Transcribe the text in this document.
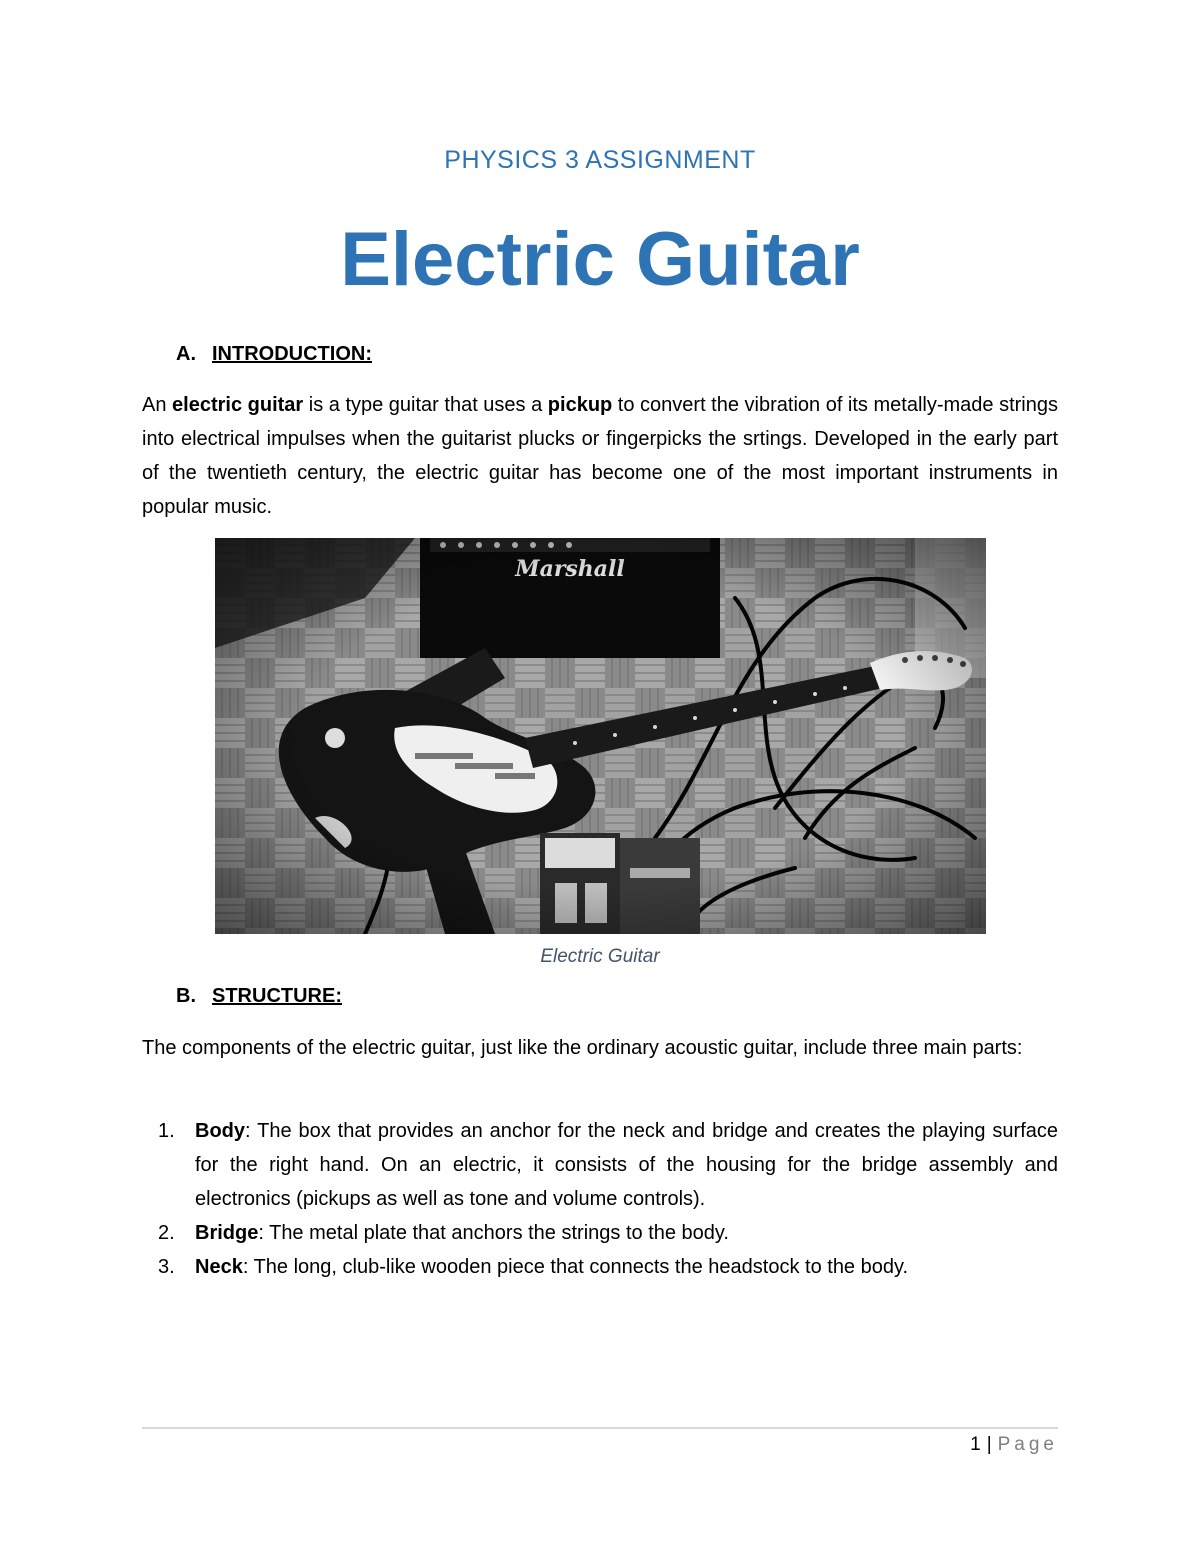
PHYSICS 3 ASSIGNMENT
Electric Guitar
A. INTRODUCTION:

An electric guitar is a type guitar that uses a pickup to convert the vibration of its metally-made strings into electrical impulses when the guitarist plucks or fingerpicks the srtings. Developed in the early part of the twentieth century, the electric guitar has become one of the most important instruments in popular music.

Electric Guitar
B. STRUCTURE:

The components of the electric guitar, just like the ordinary acoustic guitar, include three main parts:

1. Body: The box that provides an anchor for the neck and bridge and creates the playing surface for the right hand. On an electric, it consists of the housing for the bridge assembly and electronics (pickups as well as tone and volume controls).
2. Bridge: The metal plate that anchors the strings to the body.
3. Neck: The long, club-like wooden piece that connects the headstock to the body.
1 | Page
